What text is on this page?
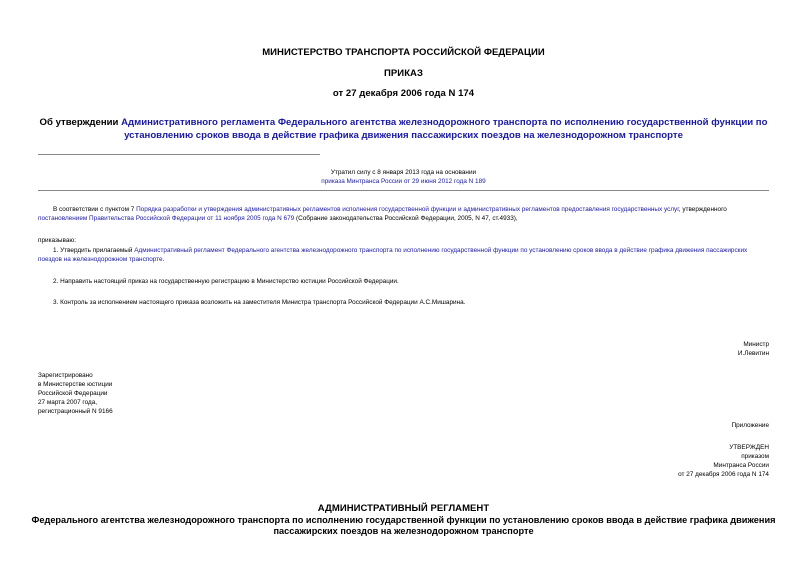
МИНИСТЕРСТВО ТРАНСПОРТА РОССИЙСКОЙ ФЕДЕРАЦИИ
ПРИКАЗ
от 27 декабря 2006 года N 174
Об утверждении Административного регламента Федерального агентства железнодорожного транспорта по исполнению государственной функции по
установлению сроков ввода в действие графика движения пассажирских поездов на железнодорожном транспорте
Утратил силу с 8 января 2013 года на основании
приказа Минтранса России от 29 июня 2012 года N 189
В соответствии с пунктом 7 Порядка разработки и утверждения административных регламентов исполнения государственной функции и административных регламентов предоставления государственных услуг, утвержденного постановлением Правительства Российской Федерации от 11 ноября 2005 года N 679 (Собрание законодательства Российской Федерации, 2005, N 47, ст.4933),
приказываю:
1. Утвердить прилагаемый Административный регламент Федерального агентства железнодорожного транспорта по исполнению государственной функции по установлению сроков ввода в действие графика движения пассажирских поездов на железнодорожном транспорте.
2. Направить настоящий приказ на государственную регистрацию в Министерство юстиции Российской Федерации.
3. Контроль за исполнением настоящего приказа возложить на заместителя Министра транспорта Российской Федерации А.С.Мишарина.
Министр
И.Левитин
Зарегистрировано
в Министерстве юстиции
Российской Федерации
27 марта 2007 года,
регистрационный N 9166
Приложение
УТВЕРЖДЕН
приказом
Минтранса России
от 27 декабря 2006 года N 174
АДМИНИСТРАТИВНЫЙ РЕГЛАМЕНТ
Федерального агентства железнодорожного транспорта по исполнению государственной функции по установлению сроков ввода в действие графика движения
пассажирских поездов на железнодорожном транспорте
